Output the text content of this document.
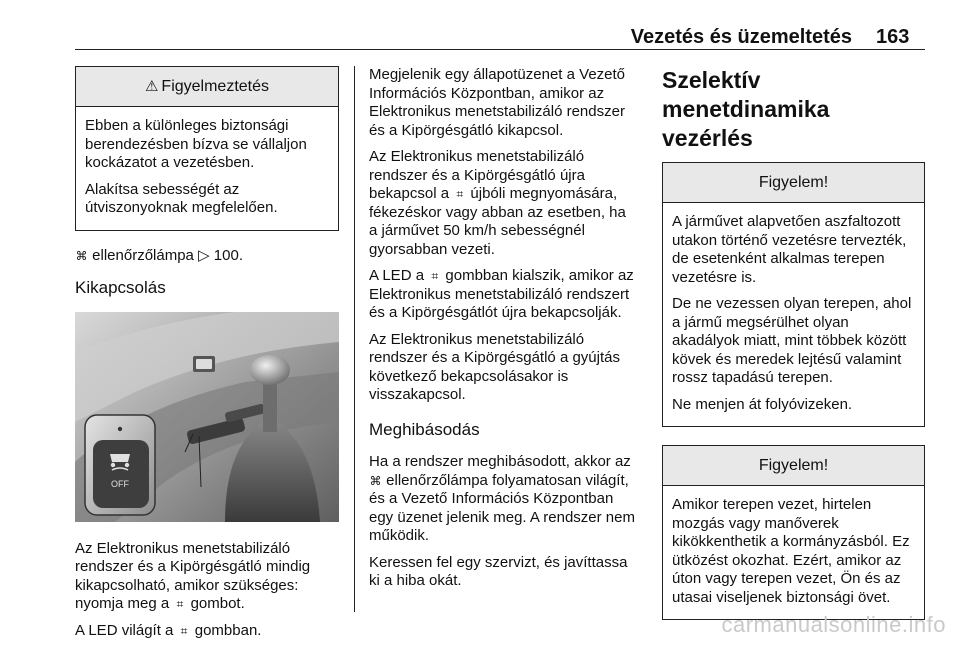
Vezetés és üzemeltetés 163
⚠ Figyelmeztetés

Ebben a különleges biztonsági berendezésben bízva se vállaljon kockázatot a vezetésben.

Alakítsa sebességét az útviszonyoknak megfelelően.

⌘ ellenőrzőlámpa ▷ 100.

Kikapcsolás
OFF

Az Elektronikus menetstabilizáló rendszer és a Kipörgésgátló mindig kikapcsolható, amikor szükséges: nyomja meg a ⌗ gombot.

A LED világít a ⌗ gombban.

Megjelenik egy állapotüzenet a Vezető Információs Központban, amikor az Elektronikus menetstabilizáló rendszer és a Kipörgésgátló kikapcsol.

Az Elektronikus menetstabilizáló rendszer és a Kipörgésgátló újra bekapcsol a ⌗ újbóli megnyomására, fékezéskor vagy abban az esetben, ha a járművet 50 km/h sebességnél gyorsabban vezeti.

A LED a ⌗ gombban kialszik, amikor az Elektronikus menetstabilizáló rendszert és a Kipörgésgátlót újra bekapcsolják.

Az Elektronikus menetstabilizáló rendszer és a Kipörgésgátló a gyújtás következő bekapcsolásakor is visszakapcsol.

Meghibásodás

Ha a rendszer meghibásodott, akkor az ⌘ ellenőrzőlámpa folyamatosan világít, és a Vezető Információs Központban egy üzenet jelenik meg. A rendszer nem működik.

Keressen fel egy szervizt, és javíttassa ki a hiba okát.

Szelektív menetdinamika vezérlés
Figyelem!

A járművet alapvetően aszfaltozott utakon történő vezetésre tervezték, de esetenként alkalmas terepen vezetésre is.

De ne vezessen olyan terepen, ahol a jármű megsérülhet olyan akadályok miatt, mint többek között kövek és meredek lejtésű valamint rossz tapadású terepen.

Ne menjen át folyóvizeken.

Figyelem!

Amikor terepen vezet, hirtelen mozgás vagy manőverek kikökkenthetik a kormányzásból. Ez ütközést okozhat. Ezért, amikor az úton vagy terepen vezet, Ön és az utasai viseljenek biztonsági övet.

carmanualsonline.info
